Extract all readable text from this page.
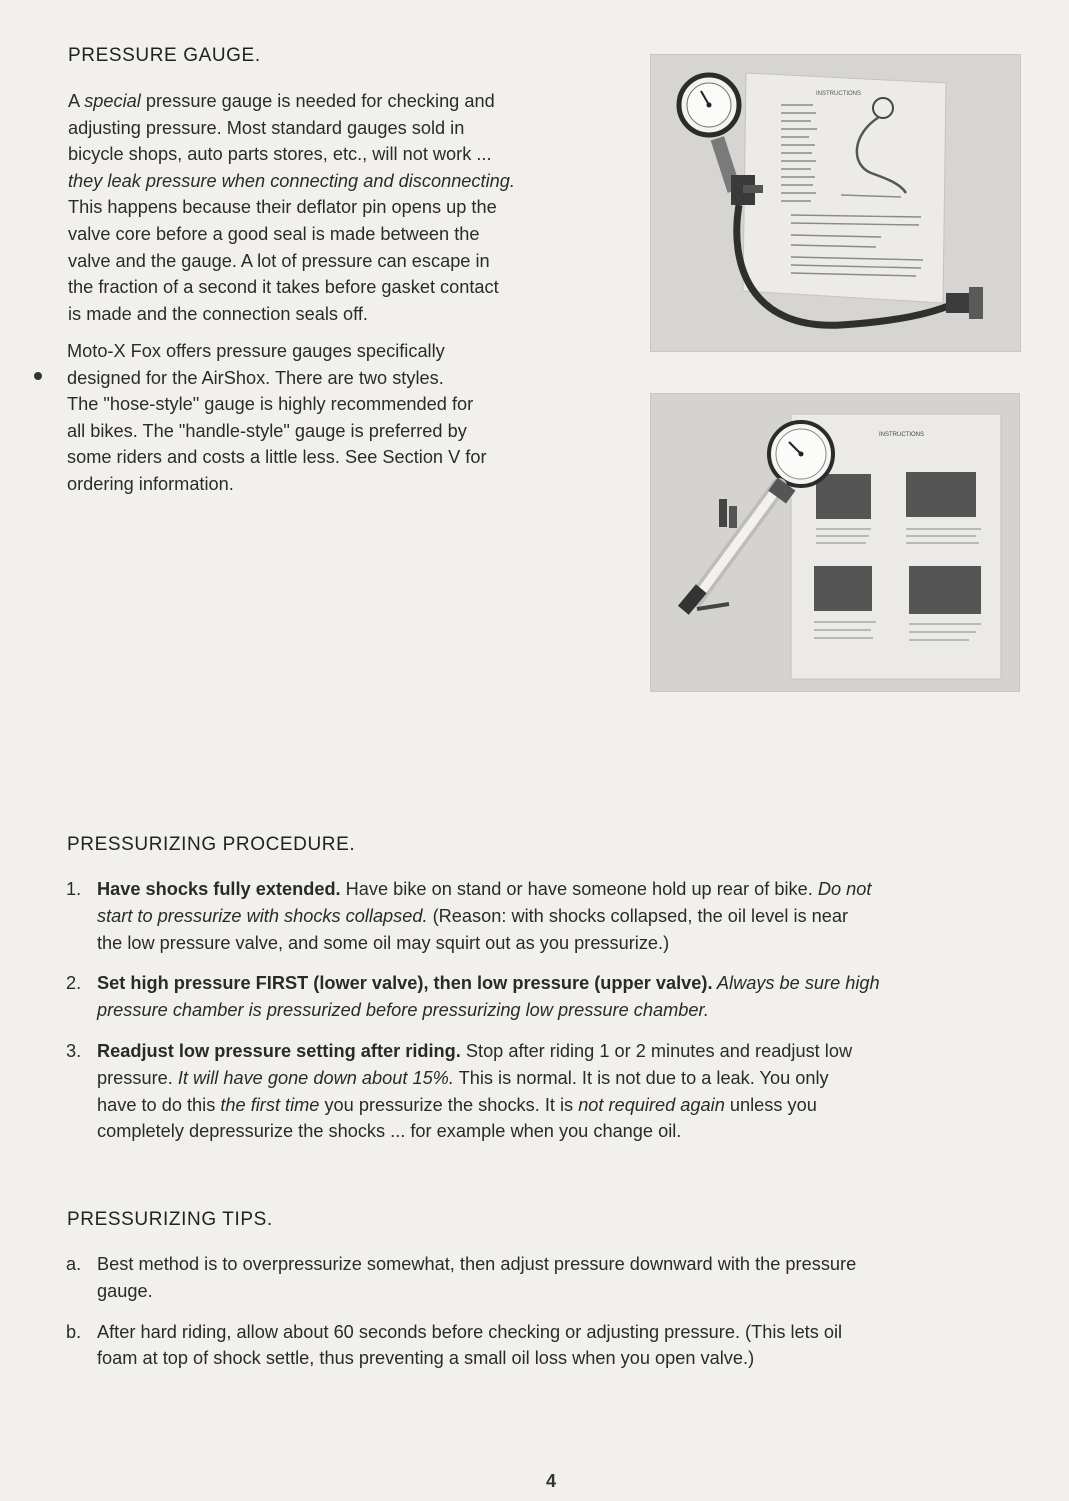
PRESSURE GAUGE.

A special pressure gauge is needed for checking and
adjusting pressure. Most standard gauges sold in
bicycle shops, auto parts stores, etc., will not work ...
they leak pressure when connecting and disconnecting.
This happens because their deflator pin opens up the
valve core before a good seal is made between the
valve and the gauge. A lot of pressure can escape in
the fraction of a second it takes before gasket contact
is made and the connection seals off.

Moto-X Fox offers pressure gauges specifically
designed for the AirShox. There are two styles.
The "hose-style" gauge is highly recommended for
all bikes. The "handle-style" gauge is preferred by
some riders and costs a little less. See Section V for
ordering information.

INSTRUCTIONS
INSTRUCTIONS
PRESSURIZING PROCEDURE.
1. Have shocks fully extended. Have bike on stand or have someone hold up rear of bike. Do not
start to pressurize with shocks collapsed. (Reason: with shocks collapsed, the oil level is near
the low pressure valve, and some oil may squirt out as you pressurize.)
2. Set high pressure FIRST (lower valve), then low pressure (upper valve). Always be sure high
pressure chamber is pressurized before pressurizing low pressure chamber.
3. Readjust low pressure setting after riding. Stop after riding 1 or 2 minutes and readjust low
pressure. It will have gone down about 15%. This is normal. It is not due to a leak. You only
have to do this the first time you pressurize the shocks. It is not required again unless you
completely depressurize the shocks ... for example when you change oil.
PRESSURIZING TIPS.
a. Best method is to overpressurize somewhat, then adjust pressure downward with the pressure
gauge.
b. After hard riding, allow about 60 seconds before checking or adjusting pressure. (This lets oil
foam at top of shock settle, thus preventing a small oil loss when you open valve.)
4
